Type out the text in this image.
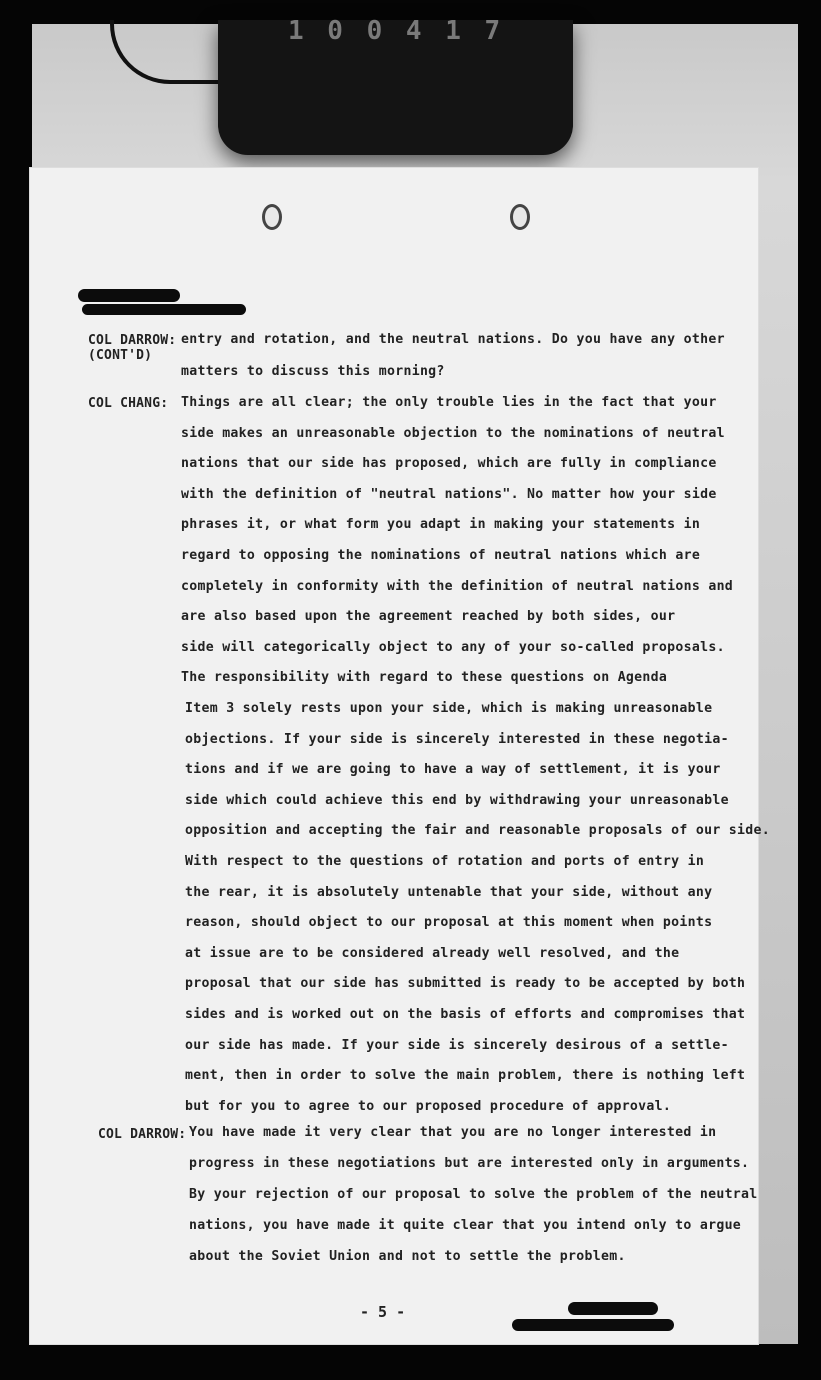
1 0 0 4 1 7
COL DARROW:
(CONT'D)
COL CHANG:
COL DARROW:
entry and rotation, and the neutral nations. Do you have any other
matters to discuss this morning?
Things are all clear; the only trouble lies in the fact that your
side makes an unreasonable objection to the nominations of neutral
nations that our side has proposed, which are fully in compliance
with the definition of "neutral nations". No matter how your side
phrases it, or what form you adapt in making your statements in
regard to opposing the nominations of neutral nations which are
completely in conformity with the definition of neutral nations and
are also based upon the agreement reached by both sides, our
side will categorically object to any of your so-called proposals.
The responsibility with regard to these questions on Agenda
Item 3 solely rests upon your side, which is making unreasonable
objections. If your side is sincerely interested in these negotia-
tions and if we are going to have a way of settlement, it is your
side which could achieve this end by withdrawing your unreasonable
opposition and accepting the fair and reasonable proposals of our side.
With respect to the questions of rotation and ports of entry in
the rear, it is absolutely untenable that your side, without any
reason, should object to our proposal at this moment when points
at issue are to be considered already well resolved, and the
proposal that our side has submitted is ready to be accepted by both
sides and is worked out on the basis of efforts and compromises that
our side has made. If your side is sincerely desirous of a settle-
ment, then in order to solve the main problem, there is nothing left
but for you to agree to our proposed procedure of approval.
You have made it very clear that you are no longer interested in
progress in these negotiations but are interested only in arguments.
By your rejection of our proposal to solve the problem of the neutral
nations, you have made it quite clear that you intend only to argue
about the Soviet Union and not to settle the problem.
- 5 -
